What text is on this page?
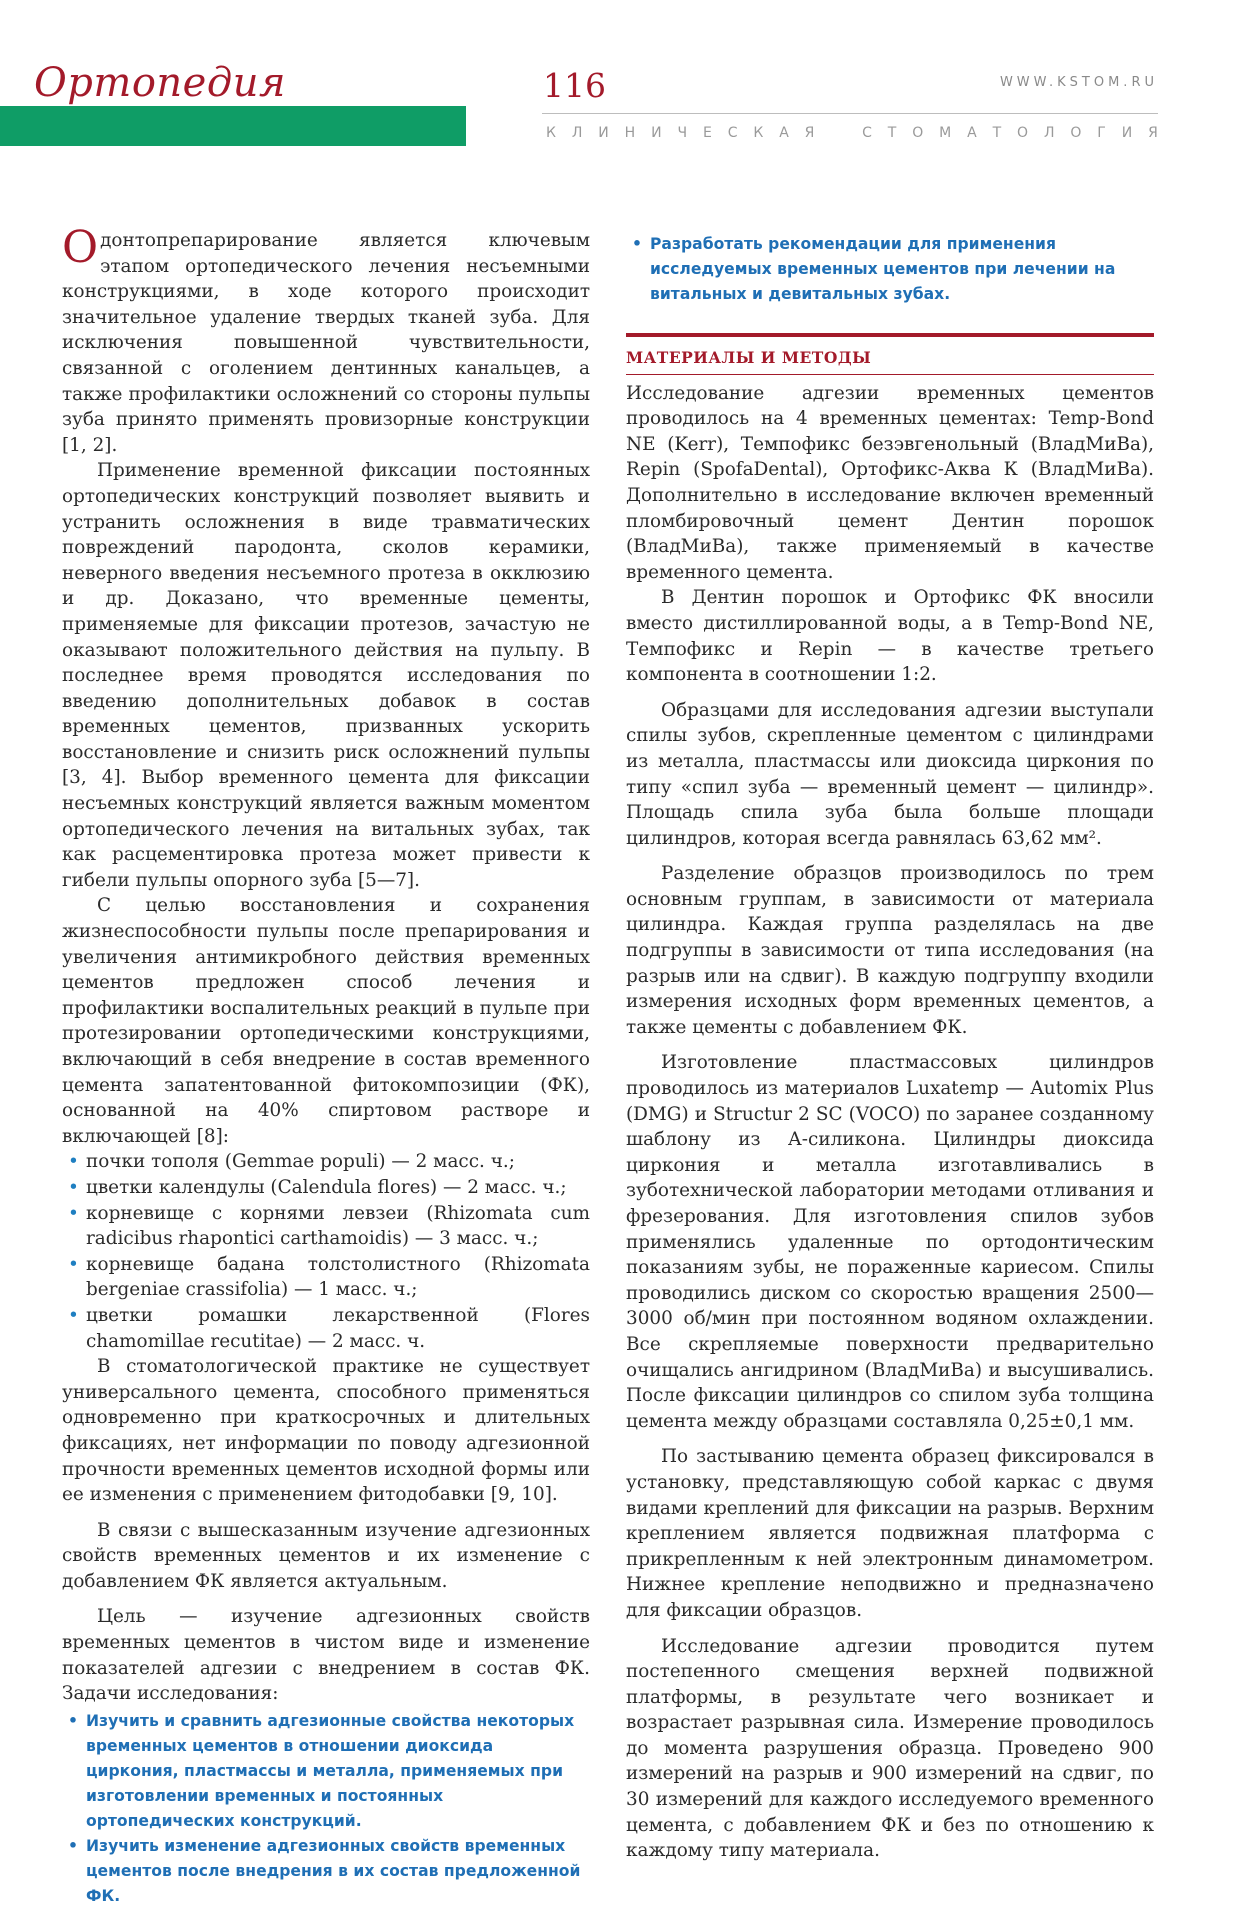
Ортопедия	116	WWW.KSTOM.RU
К Л И Н И Ч Е С К А Я	С Т О М А Т О Л О Г И Я

Одонтопрепарирование является ключевым этапом ортопедического лечения несъемными конструкциями, в ходе которого происходит значительное удаление твердых тканей зуба. Для исключения повышенной чувствительности, связанной с оголением дентинных канальцев, а также профилактики осложнений со стороны пульпы зуба принято применять провизорные конструкции [1, 2].

Применение временной фиксации постоянных ортопедических конструкций позволяет выявить и устранить осложнения в виде травматических повреждений пародонта, сколов керамики, неверного введения несъемного протеза в окклюзию и др. Доказано, что временные цементы, применяемые для фиксации протезов, зачастую не оказывают положительного действия на пульпу. В последнее время проводятся исследования по введению дополнительных добавок в состав временных цементов, призванных ускорить восстановление и снизить риск осложнений пульпы [3, 4]. Выбор временного цемента для фиксации несъемных конструкций является важным моментом ортопедического лечения на витальных зубах, так как расцементировка протеза может привести к гибели пульпы опорного зуба [5—7].

С целью восстановления и сохранения жизнеспособности пульпы после препарирования и увеличения антимикробного действия временных цементов предложен способ лечения и профилактики воспалительных реакций в пульпе при протезировании ортопедическими конструкциями, включающий в себя внедрение в состав временного цемента запатентованной фитокомпозиции (ФК), основанной на 40% спиртовом растворе и включающей [8]:

• почки тополя (Gemmae populi) — 2 масс. ч.;
• цветки календулы (Calendula flores) — 2 масс. ч.;
• корневище с корнями левзеи (Rhizomata cum radicibus rhapontici carthamoidis) — 3 масс. ч.;
• корневище бадана толстолистного (Rhizomata bergeniae crassifolia) — 1 масс. ч.;
• цветки ромашки лекарственной (Flores chamomillae recutitae) — 2 масс. ч.

В стоматологической практике не существует универсального цемента, способного применяться одновременно при краткосрочных и длительных фиксациях, нет информации по поводу адгезионной прочности временных цементов исходной формы или ее изменения с применением фитодобавки [9, 10].

В связи с вышесказанным изучение адгезионных свойств временных цементов и их изменение с добавлением ФК является актуальным.

Цель — изучение адгезионных свойств временных цементов в чистом виде и изменение показателей адгезии с внедрением в состав ФК. Задачи исследования:

• Изучить и сравнить адгезионные свойства некоторых временных цементов в отношении диоксида циркония, пластмассы и металла, применяемых при изготовлении временных и постоянных ортопедических конструкций.
• Изучить изменение адгезионных свойств временных цементов после внедрения в их состав предложенной ФК.
• Разработать рекомендации для применения исследуемых временных цементов при лечении на витальных и девитальных зубах.
МАТЕРИАЛЫ И МЕТОДЫ

Исследование адгезии временных цементов проводилось на 4 временных цементах: Temp-Bond NE (Kerr), Темпофикс безэвгенольный (ВладМиВа), Repin (SpofaDental), Ортофикс-Аква К (ВладМиВа). Дополнительно в исследование включен временный пломбировочный цемент Дентин порошок (ВладМиВа), также применяемый в качестве временного цемента.

В Дентин порошок и Ортофикс ФК вносили вместо дистиллированной воды, а в Temp-Bond NE, Темпофикс и Repin — в качестве третьего компонента в соотношении 1:2.

Образцами для исследования адгезии выступали спилы зубов, скрепленные цементом с цилиндрами из металла, пластмассы или диоксида циркония по типу «спил зуба — временный цемент — цилиндр». Площадь спила зуба была больше площади цилиндров, которая всегда равнялась 63,62 мм².

Разделение образцов производилось по трем основным группам, в зависимости от материала цилиндра. Каждая группа разделялась на две подгруппы в зависимости от типа исследования (на разрыв или на сдвиг). В каждую подгруппу входили измерения исходных форм временных цементов, а также цементы с добавлением ФК.

Изготовление пластмассовых цилиндров проводилось из материалов Luxatemp — Automix Plus (DMG) и Structur 2 SC (VOCO) по заранее созданному шаблону из А-силикона. Цилиндры диоксида циркония и металла изготавливались в зуботехнической лаборатории методами отливания и фрезерования. Для изготовления спилов зубов применялись удаленные по ортодонтическим показаниям зубы, не пораженные кариесом. Спилы проводились диском со скоростью вращения 2500—3000 об/мин при постоянном водяном охлаждении. Все скрепляемые поверхности предварительно очищались ангидрином (ВладМиВа) и высушивались. После фиксации цилиндров со спилом зуба толщина цемента между образцами составляла 0,25±0,1 мм.

По застыванию цемента образец фиксировался в установку, представляющую собой каркас с двумя видами креплений для фиксации на разрыв. Верхним креплением является подвижная платформа с прикрепленным к ней электронным динамометром. Нижнее крепление неподвижно и предназначено для фиксации образцов.

Исследование адгезии проводится путем постепенного смещения верхней подвижной платформы, в результате чего возникает и возрастает разрывная сила. Измерение проводилось до момента разрушения образца. Проведено 900 измерений на разрыв и 900 измерений на сдвиг, по 30 измерений для каждого исследуемого временного цемента, с добавлением ФК и без по отношению к каждому типу материала.
